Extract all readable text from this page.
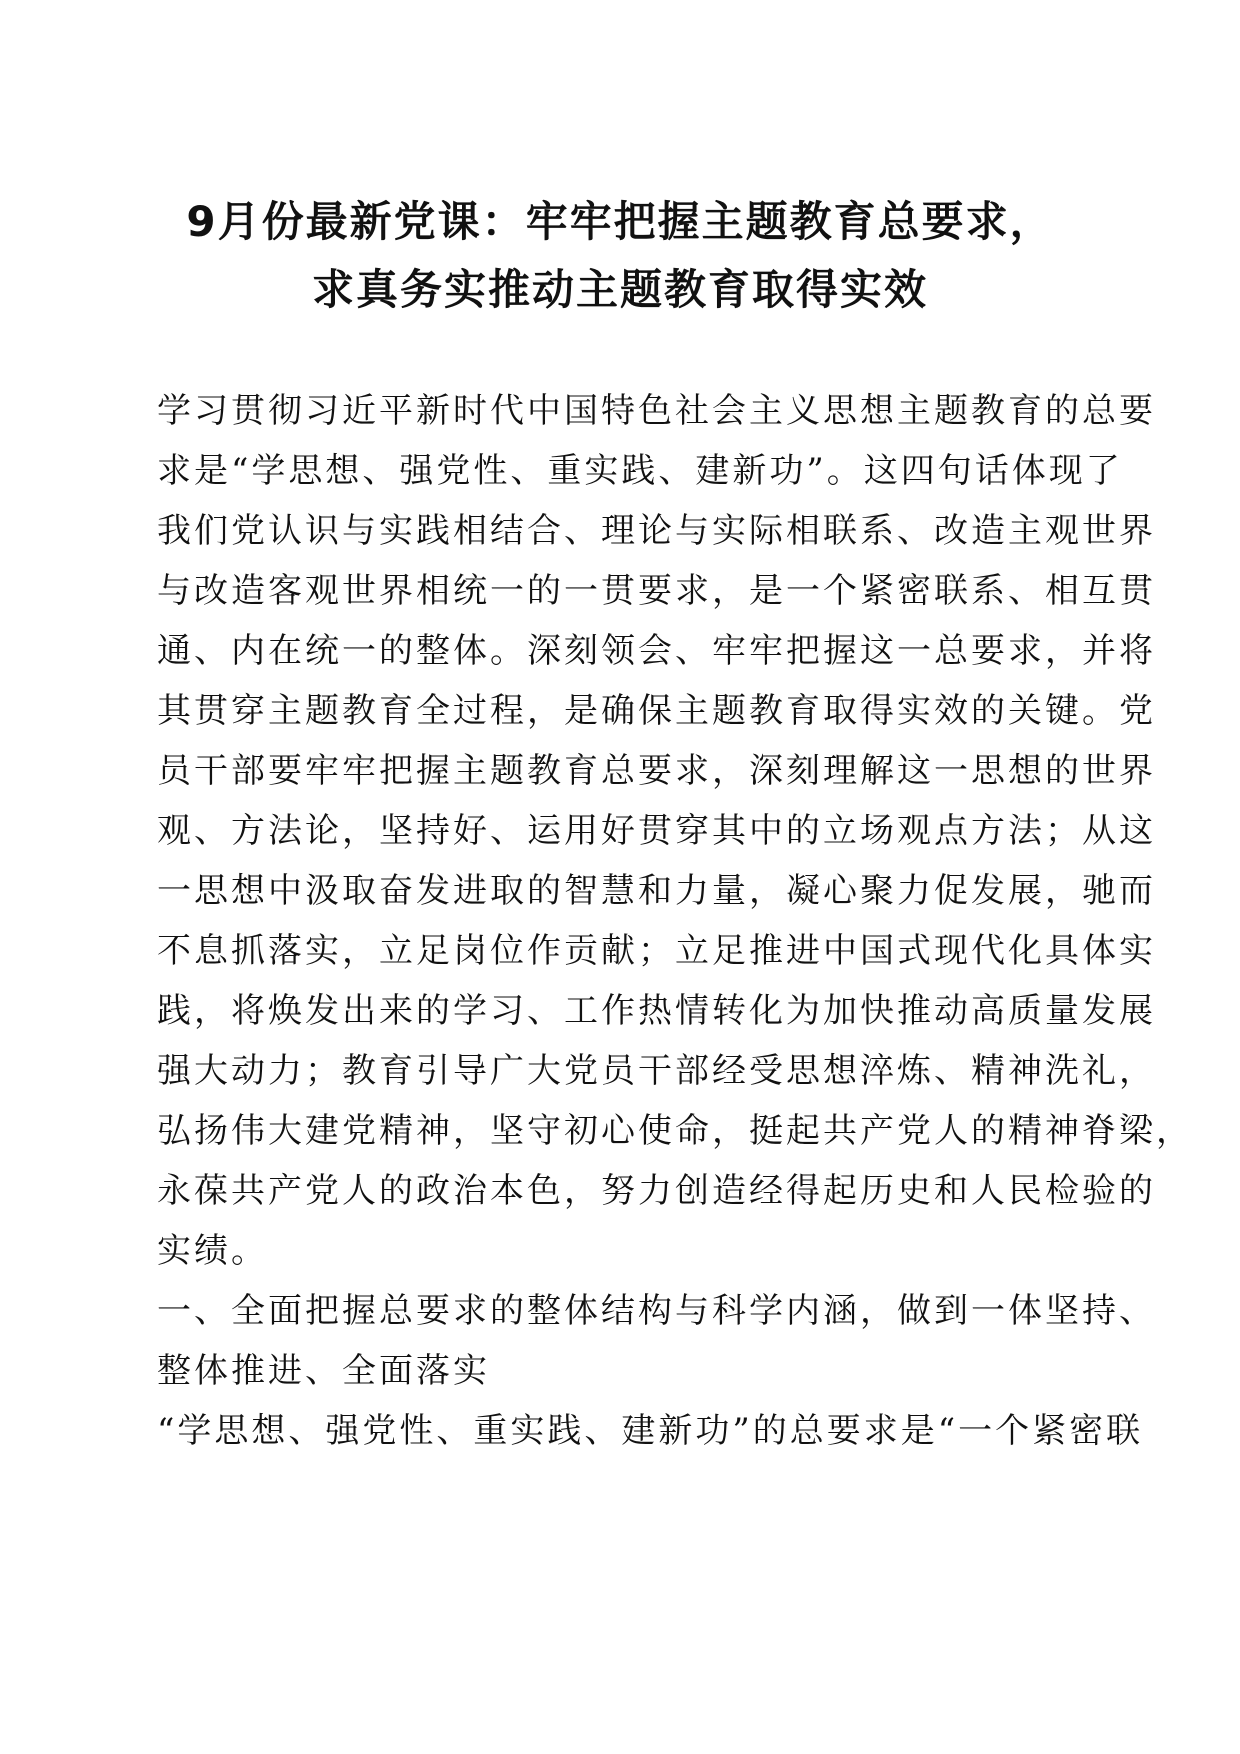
9月份最新党课：牢牢把握主题教育总要求，
求真务实推动主题教育取得实效
学习贯彻习近平新时代中国特色社会主义思想主题教育的总要
求是“学思想、强党性、重实践、建新功”。这四句话体现了
我们党认识与实践相结合、理论与实际相联系、改造主观世界
与改造客观世界相统一的一贯要求，是一个紧密联系、相互贯
通、内在统一的整体。深刻领会、牢牢把握这一总要求，并将
其贯穿主题教育全过程，是确保主题教育取得实效的关键。党
员干部要牢牢把握主题教育总要求，深刻理解这一思想的世界
观、方法论，坚持好、运用好贯穿其中的立场观点方法；从这
一思想中汲取奋发进取的智慧和力量，凝心聚力促发展，驰而
不息抓落实，立足岗位作贡献；立足推进中国式现代化具体实
践，将焕发出来的学习、工作热情转化为加快推动高质量发展
强大动力；教育引导广大党员干部经受思想淬炼、精神洗礼，
弘扬伟大建党精神，坚守初心使命，挺起共产党人的精神脊梁，
永葆共产党人的政治本色，努力创造经得起历史和人民检验的
实绩。
一、全面把握总要求的整体结构与科学内涵，做到一体坚持、
整体推进、全面落实
“学思想、强党性、重实践、建新功”的总要求是“一个紧密联
